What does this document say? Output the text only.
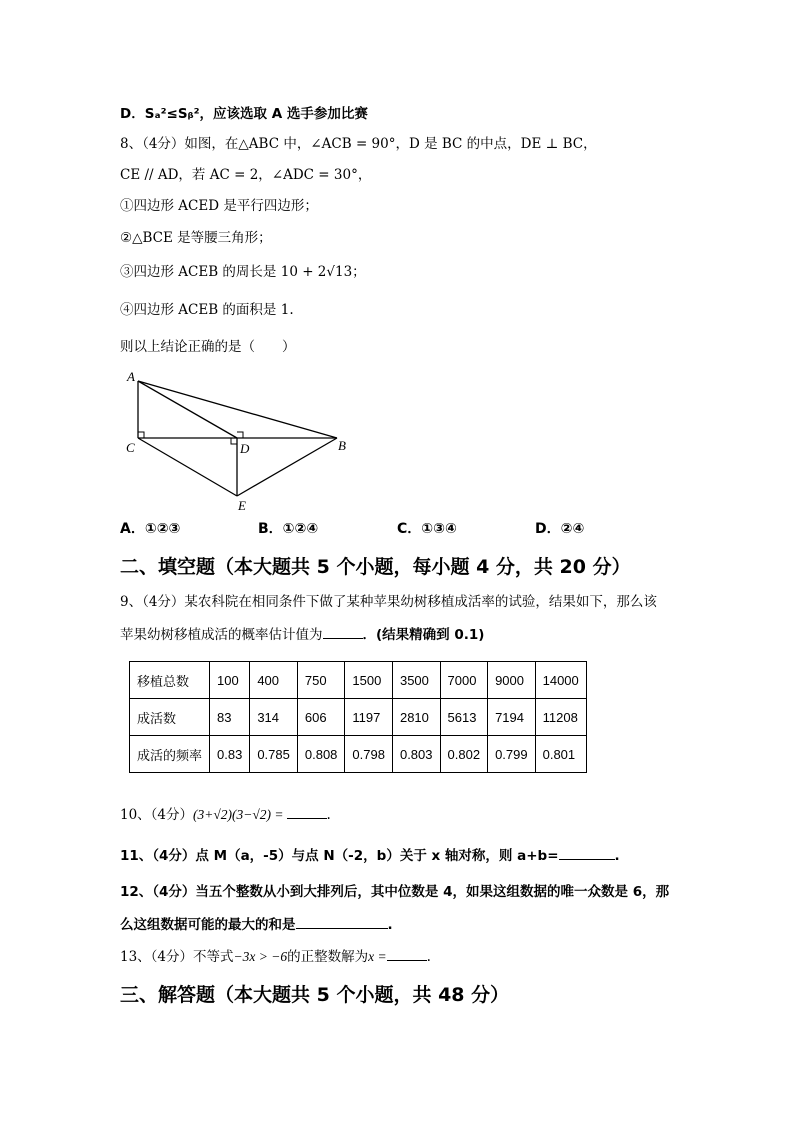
D．Sₐ²≤Sᵦ²，应该选取 A 选手参加比赛
8、（4分）如图，在△ABC 中，∠ACB = 90°，D 是 BC 的中点，DE ⊥ BC，
CE // AD，若 AC = 2，∠ADC = 30°，
①四边形 ACED 是平行四边形；
②△BCE 是等腰三角形；
③四边形 ACEB 的周长是 10 + 2√13；
④四边形 ACEB 的面积是 1.
则以上结论正确的是（　　）
A
C	D	B
E
A．①②③	B．①②④	C．①③④	D．②④
二、填空题（本大题共 5 个小题，每小题 4 分，共 20 分）
9、（4分）某农科院在相同条件下做了某种苹果幼树移植成活率的试验，结果如下，那么该
苹果幼树移植成活的概率估计值为	．(结果精确到 0.1)
移植总数	100	400	750	1500	3500	7000	9000	14000
成活数	83	314	606	1197	2810	5613	7194	11208
成活的频率	0.83	0.785	0.808	0.798	0.803	0.802	0.799	0.801
10、（4分）(3+√2)(3−√2) =	.
11、（4分）点 M（a，-5）与点 N（-2，b）关于 x 轴对称，则 a+b=	.
12、（4分）当五个整数从小到大排列后，其中位数是 4，如果这组数据的唯一众数是 6，那
么这组数据可能的最大的和是	.
13、（4分）不等式−3x > −6的正整数解为x =	.
三、解答题（本大题共 5 个小题，共 48 分）
